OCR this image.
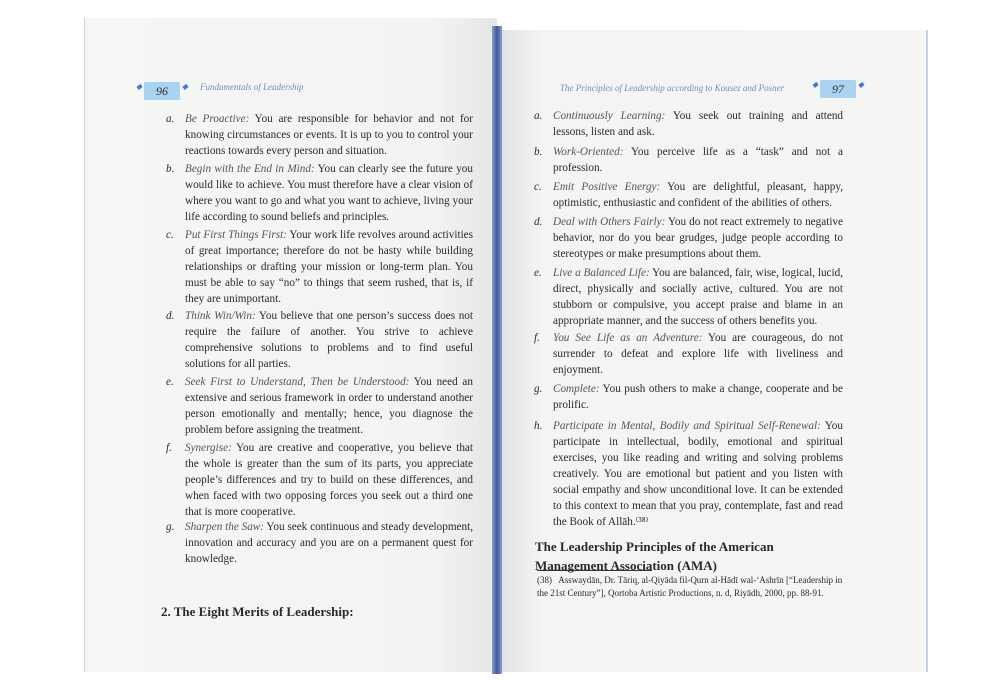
◆ 96 ◆	Fundamentals of Leadership
a. Be Proactive: You are responsible for behavior and not for knowing circumstances or events. It is up to you to control your reactions towards every person and situation.
b. Begin with the End in Mind: You can clearly see the future you would like to achieve. You must therefore have a clear vision of where you want to go and what you want to achieve, living your life according to sound beliefs and principles.
c. Put First Things First: Your work life revolves around activities of great importance; therefore do not be hasty while building relationships or drafting your mission or long-term plan. You must be able to say “no” to things that seem rushed, that is, if they are unimportant.
d. Think Win/Win: You believe that one person’s success does not require the failure of another. You strive to achieve comprehensive solutions to problems and to find useful solutions for all parties.
e. Seek First to Understand, Then be Understood: You need an extensive and serious framework in order to understand another person emotionally and mentally; hence, you diagnose the problem before assigning the treatment.
f. Synergise: You are creative and cooperative, you believe that the whole is greater than the sum of its parts, you appreciate people’s differences and try to build on these differences, and when faced with two opposing forces you seek out a third one that is more cooperative.
g. Sharpen the Saw: You seek continuous and steady development, innovation and accuracy and you are on a permanent quest for knowledge.
2. The Eight Merits of Leadership:
The Principles of Leadership according to Kousez and Posner	◆ 97 ◆
a. Continuously Learning: You seek out training and attend lessons, listen and ask.
b. Work-Oriented: You perceive life as a “task” and not a profession.
c. Emit Positive Energy: You are delightful, pleasant, happy, optimistic, enthusiastic and confident of the abilities of others.
d. Deal with Others Fairly: You do not react extremely to negative behavior, nor do you bear grudges, judge people according to stereotypes or make presumptions about them.
e. Live a Balanced Life: You are balanced, fair, wise, logical, lucid, direct, physically and socially active, cultured. You are not stubborn or compulsive, you accept praise and blame in an appropriate manner, and the success of others benefits you.
f. You See Life as an Adventure: You are courageous, do not surrender to defeat and explore life with liveliness and enjoyment.
g. Complete: You push others to make a change, cooperate and be prolific.
h. Participate in Mental, Bodily and Spiritual Self-Renewal: You participate in intellectual, bodily, emotional and spiritual exercises, you like reading and writing and solving problems creatively. You are emotional but patient and you listen with social empathy and show unconditional love. It can be extended to this context to mean that you pray, contemplate, fast and read the Book of Allāh.⁽³⁸⁾
The Leadership Principles of the American Management Association (AMA)
(38) Asswaydān, Dr. Tāriq, al-Qiyāda fil-Qurn al-Hādī wal-‘Ashrīn [“Leadership in the 21st Century”], Qortoba Artistic Productions, n. d, Riyādh, 2000, pp. 88-91.
